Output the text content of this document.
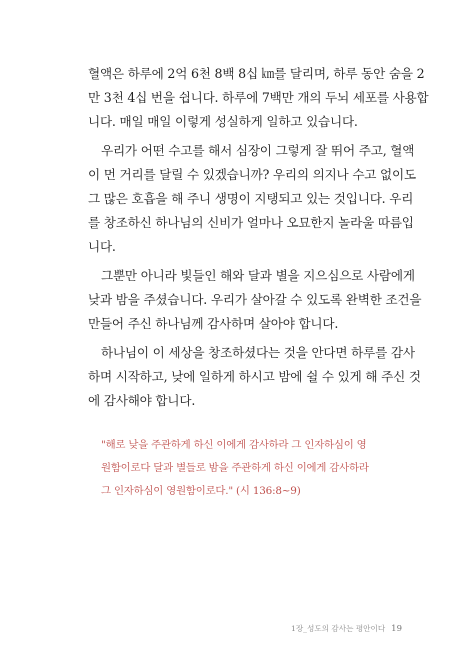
혈액은 하루에 2억 6천 8백 8십 ㎞를 달리며, 하루 동안 숨을 2
만 3천 4십 번을 쉽니다. 하루에 7백만 개의 두뇌 세포를 사용합
니다. 매일 매일 이렇게 성실하게 일하고 있습니다.

우리가 어떤 수고를 해서 심장이 그렇게 잘 뛰어 주고, 혈액
이 먼 거리를 달릴 수 있겠습니까? 우리의 의지나 수고 없이도
그 많은 호흡을 해 주니 생명이 지탱되고 있는 것입니다. 우리
를 창조하신 하나님의 신비가 얼마나 오묘한지 놀라울 따름입
니다.

그뿐만 아니라 빛들인 해와 달과 별을 지으심으로 사람에게
낮과 밤을 주셨습니다. 우리가 살아갈 수 있도록 완벽한 조건을
만들어 주신 하나님께 감사하며 살아야 합니다.

하나님이 이 세상을 창조하셨다는 것을 안다면 하루를 감사
하며 시작하고, 낮에 일하게 하시고 밤에 쉴 수 있게 해 주신 것
에 감사해야 합니다.

"해로 낮을 주관하게 하신 이에게 감사하라 그 인자하심이 영
원함이로다 달과 별들로 밤을 주관하게 하신 이에게 감사하라
그 인자하심이 영원함이로다." (시 136:8~9)
1장_성도의 감사는 평안이다 19
